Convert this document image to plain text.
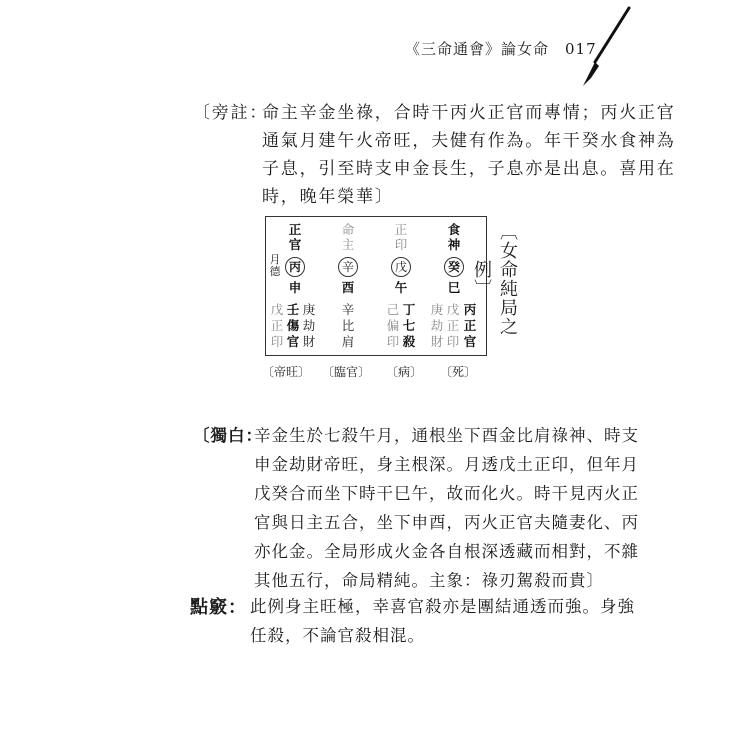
《三命通會》論女命　017
〔旁註：
命主辛金坐祿，合時干丙火正官而專情；丙火正官
通氣月建午火帝旺，夫健有作為。年干癸水食神為
子息，引至時支申金長生，子息亦是出息。喜用在
時，晚年榮華〕
正
官
丙
申
命
主
辛
酉
正
印
戊
午
食
神
癸
巳
月德
戊
正
印
壬
傷
官
庚
劫
財
辛
比
肩
己
偏
印
丁
七
殺
庚
劫
財
戊
正
印
丙
正
官
〔女命純局之例〕
〔帝旺〕 〔臨官〕 〔病〕 〔死〕
〔獨白：
辛金生於七殺午月，通根坐下酉金比肩祿神、時支
申金劫財帝旺，身主根深。月透戊土正印，但年月
戊癸合而坐下時干巳午，故而化火。時干見丙火正
官與日主五合，坐下申酉，丙火正官夫隨妻化、丙
亦化金。全局形成火金各自根深透藏而相對，不雜
其他五行，命局精純。主象：祿刃駕殺而貴〕
點竅： 此例身主旺極，幸喜官殺亦是團結通透而強。身強
任殺，不論官殺相混。
